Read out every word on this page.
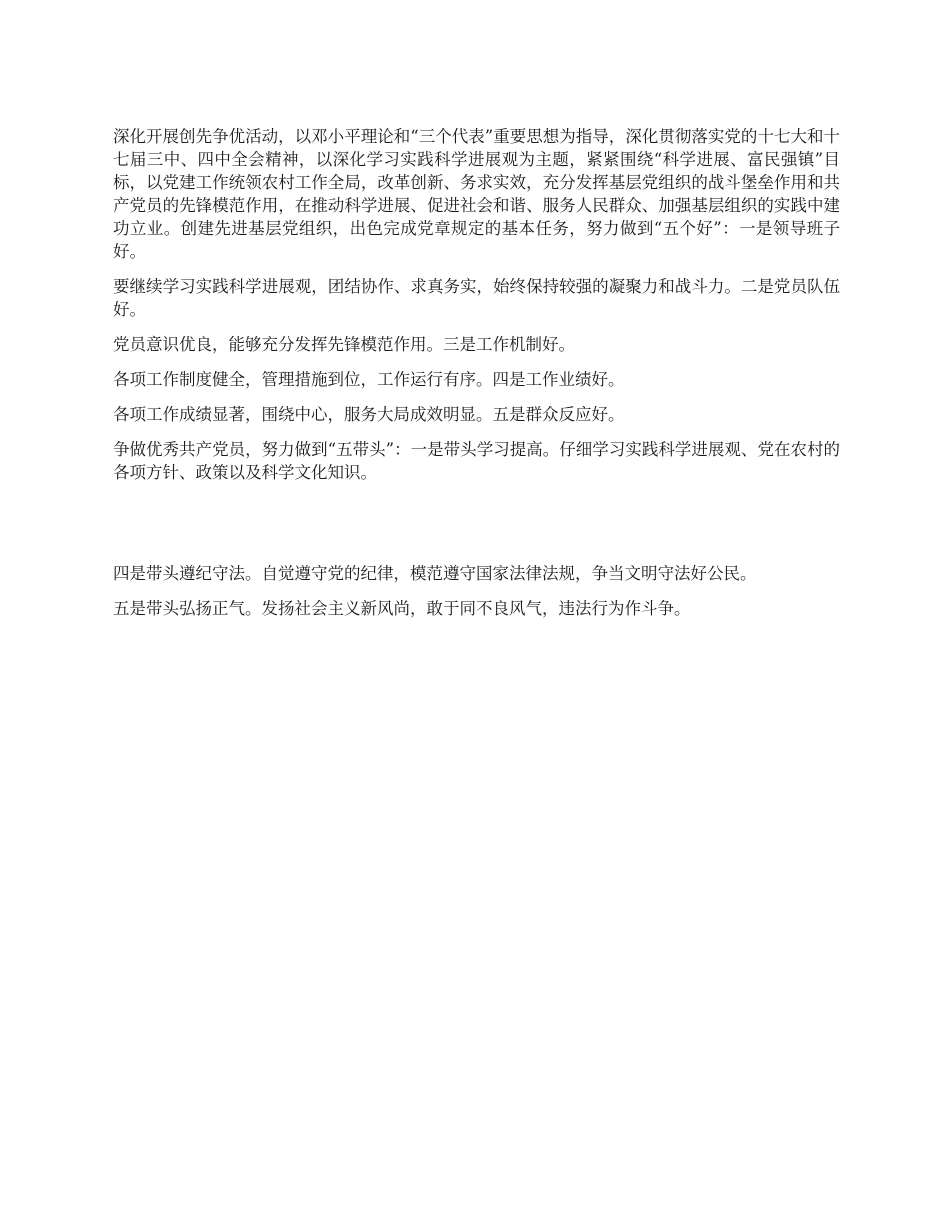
深化开展创先争优活动，以邓小平理论和“三个代表”重要思想为指导，深化贯彻落实党的十七大和十七届三中、四中全会精神，以深化学习实践科学进展观为主题，紧紧围绕“科学进展、富民强镇”目标，以党建工作统领农村工作全局，改革创新、务求实效，充分发挥基层党组织的战斗堡垒作用和共产党员的先锋模范作用，在推动科学进展、促进社会和谐、服务人民群众、加强基层组织的实践中建功立业。创建先进基层党组织，出色完成党章规定的基本任务，努力做到“五个好”：一是领导班子好。

要继续学习实践科学进展观，团结协作、求真务实，始终保持较强的凝聚力和战斗力。二是党员队伍好。

党员意识优良，能够充分发挥先锋模范作用。三是工作机制好。

各项工作制度健全，管理措施到位，工作运行有序。四是工作业绩好。

各项工作成绩显著，围绕中心，服务大局成效明显。五是群众反应好。

争做优秀共产党员，努力做到“五带头”：一是带头学习提高。仔细学习实践科学进展观、党在农村的各项方针、政策以及科学文化知识。

四是带头遵纪守法。自觉遵守党的纪律，模范遵守国家法律法规，争当文明守法好公民。

五是带头弘扬正气。发扬社会主义新风尚，敢于同不良风气，违法行为作斗争。
